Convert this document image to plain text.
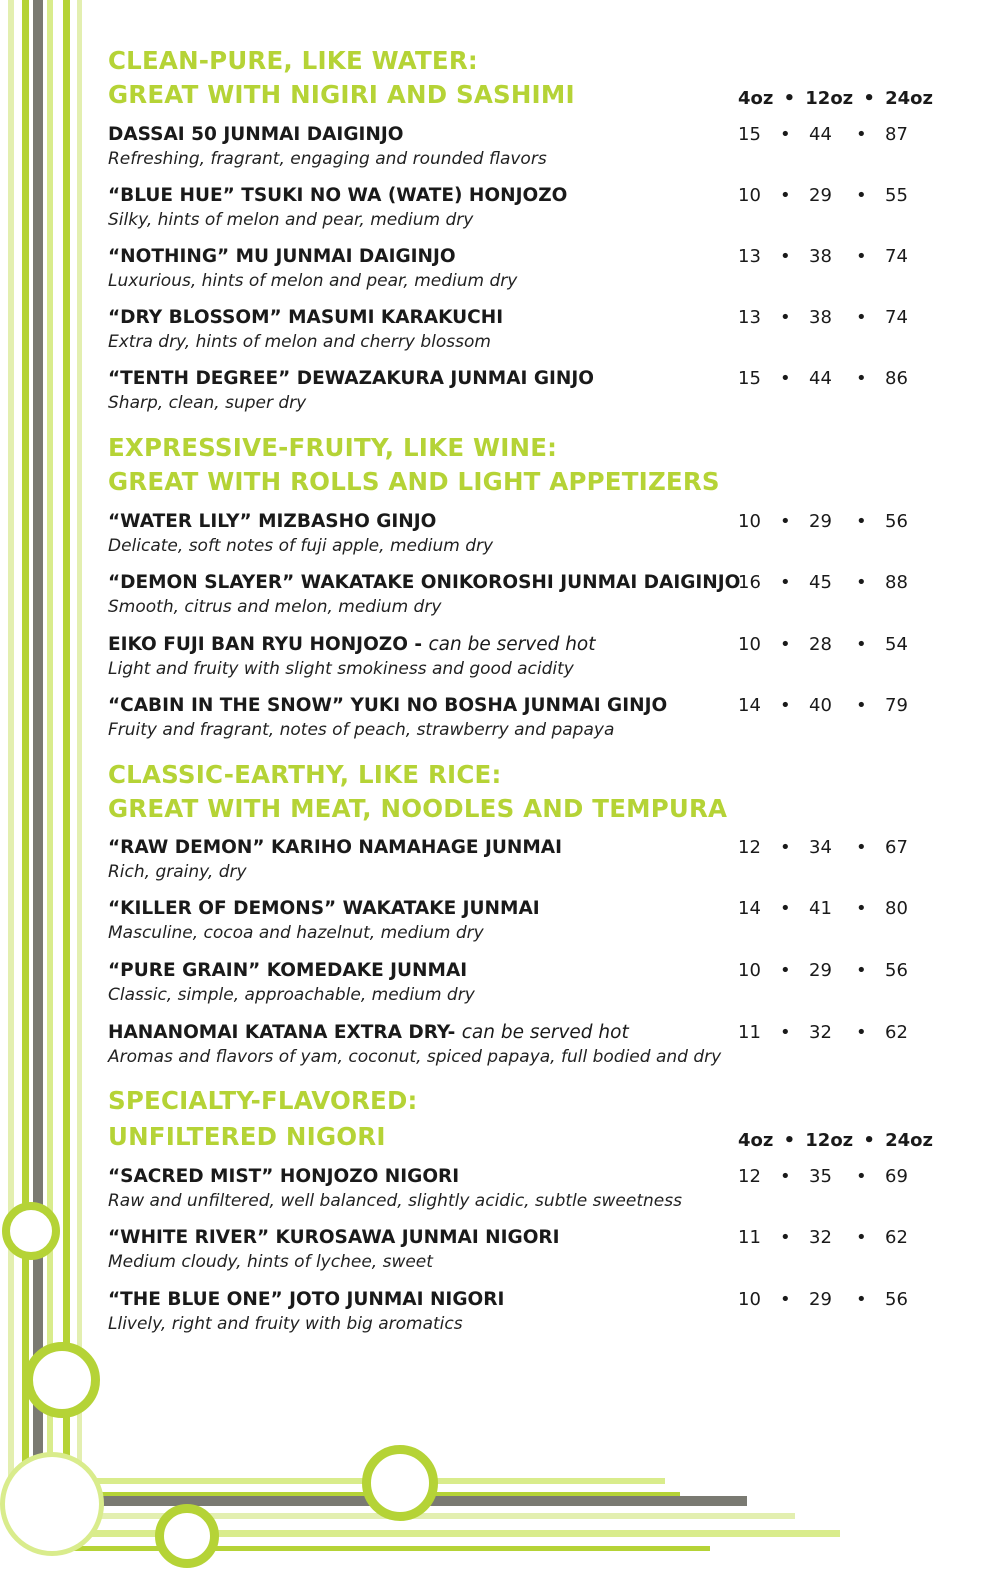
CLEAN-PURE, LIKE WATER:
GREAT WITH NIGIRI AND SASHIMI	4oz • 12oz • 24oz
DASSAI 50 JUNMAI DAIGINJO
Refreshing, fragrant, engaging and rounded flavors
15 • 44 • 87
“BLUE HUE” TSUKI NO WA (WATE) HONJOZO
Silky, hints of melon and pear, medium dry
10 • 29 • 55
“NOTHING” MU JUNMAI DAIGINJO
Luxurious, hints of melon and pear, medium dry
13 • 38 • 74
“DRY BLOSSOM” MASUMI KARAKUCHI
Extra dry, hints of melon and cherry blossom
13 • 38 • 74
“TENTH DEGREE” DEWAZAKURA JUNMAI GINJO
Sharp, clean, super dry
15 • 44 • 86
EXPRESSIVE-FRUITY, LIKE WINE:
GREAT WITH ROLLS AND LIGHT APPETIZERS
“WATER LILY” MIZBASHO GINJO
Delicate, soft notes of fuji apple, medium dry
10 • 29 • 56
“DEMON SLAYER” WAKATAKE ONIKOROSHI JUNMAI DAIGINJO
Smooth, citrus and melon, medium dry
16 • 45 • 88
EIKO FUJI BAN RYU HONJOZO - can be served hot
Light and fruity with slight smokiness and good acidity
10 • 28 • 54
“CABIN IN THE SNOW” YUKI NO BOSHA JUNMAI GINJO
Fruity and fragrant, notes of peach, strawberry and papaya
14 • 40 • 79
CLASSIC-EARTHY, LIKE RICE:
GREAT WITH MEAT, NOODLES AND TEMPURA
“RAW DEMON” KARIHO NAMAHAGE JUNMAI
Rich, grainy, dry
12 • 34 • 67
“KILLER OF DEMONS” WAKATAKE JUNMAI
Masculine, cocoa and hazelnut, medium dry
14 • 41 • 80
“PURE GRAIN” KOMEDAKE JUNMAI
Classic, simple, approachable, medium dry
10 • 29 • 56
HANANOMAI KATANA EXTRA DRY- can be served hot
Aromas and flavors of yam, coconut, spiced papaya, full bodied and dry
11 • 32 • 62
SPECIALTY-FLAVORED:
UNFILTERED NIGORI	4oz • 12oz • 24oz
“SACRED MIST” HONJOZO NIGORI
Raw and unfiltered, well balanced, slightly acidic, subtle sweetness
12 • 35 • 69
“WHITE RIVER” KUROSAWA JUNMAI NIGORI
Medium cloudy, hints of lychee, sweet
11 • 32 • 62
“THE BLUE ONE” JOTO JUNMAI NIGORI
Llively, right and fruity with big aromatics
10 • 29 • 56
